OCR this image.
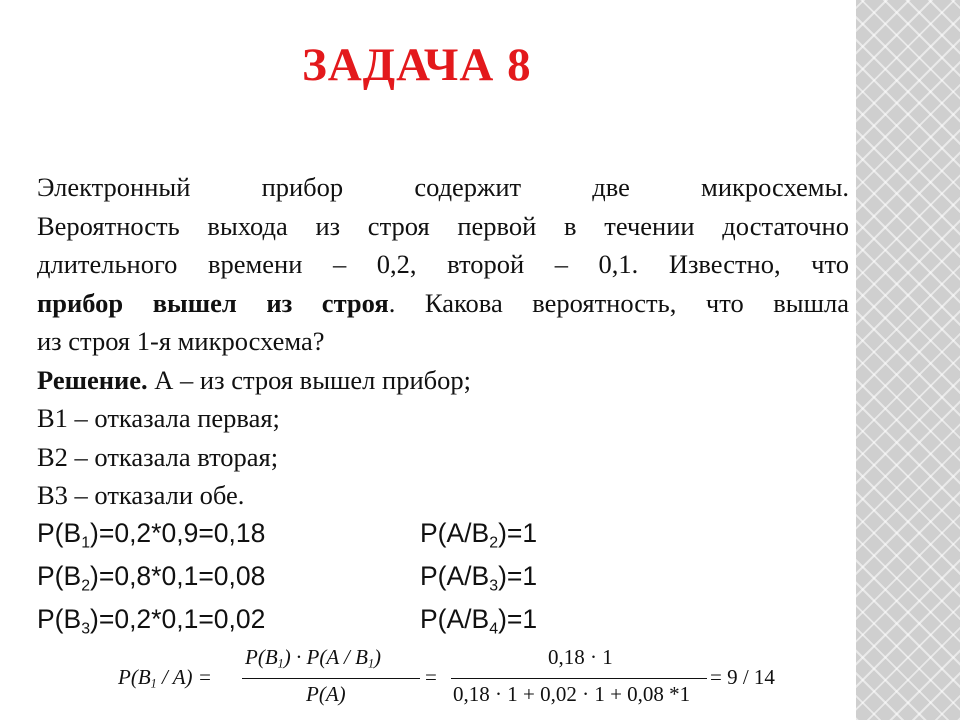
ЗАДАЧА 8
Электронный прибор содержит две микросхемы.
Вероятность выхода из строя первой в течении достаточно
длительного времени – 0,2, второй – 0,1. Известно, что
прибор вышел из строя. Какова вероятность, что вышла
из строя 1-я микросхема?
Решение. А – из строя вышел прибор;
В1 – отказала первая;
В2 – отказала вторая;
В3 – отказали обе.
$P(B_1)=0,2*0,9=0,18$	$P(A/B_2)=1$
$P(B_2)=0,8*0,1=0,08$	$P(A/B_3)=1$
$P(B_3)=0,2*0,1=0,02$	$P(A/B_4)=1$
$P(B_1 / A)$ =
$P(B_1) \cdot P(A / B_1)$
P(A)
=
0,18 · 1
0,18 · 1 + 0,02 · 1 + 0,08 *1
= 9 / 14
